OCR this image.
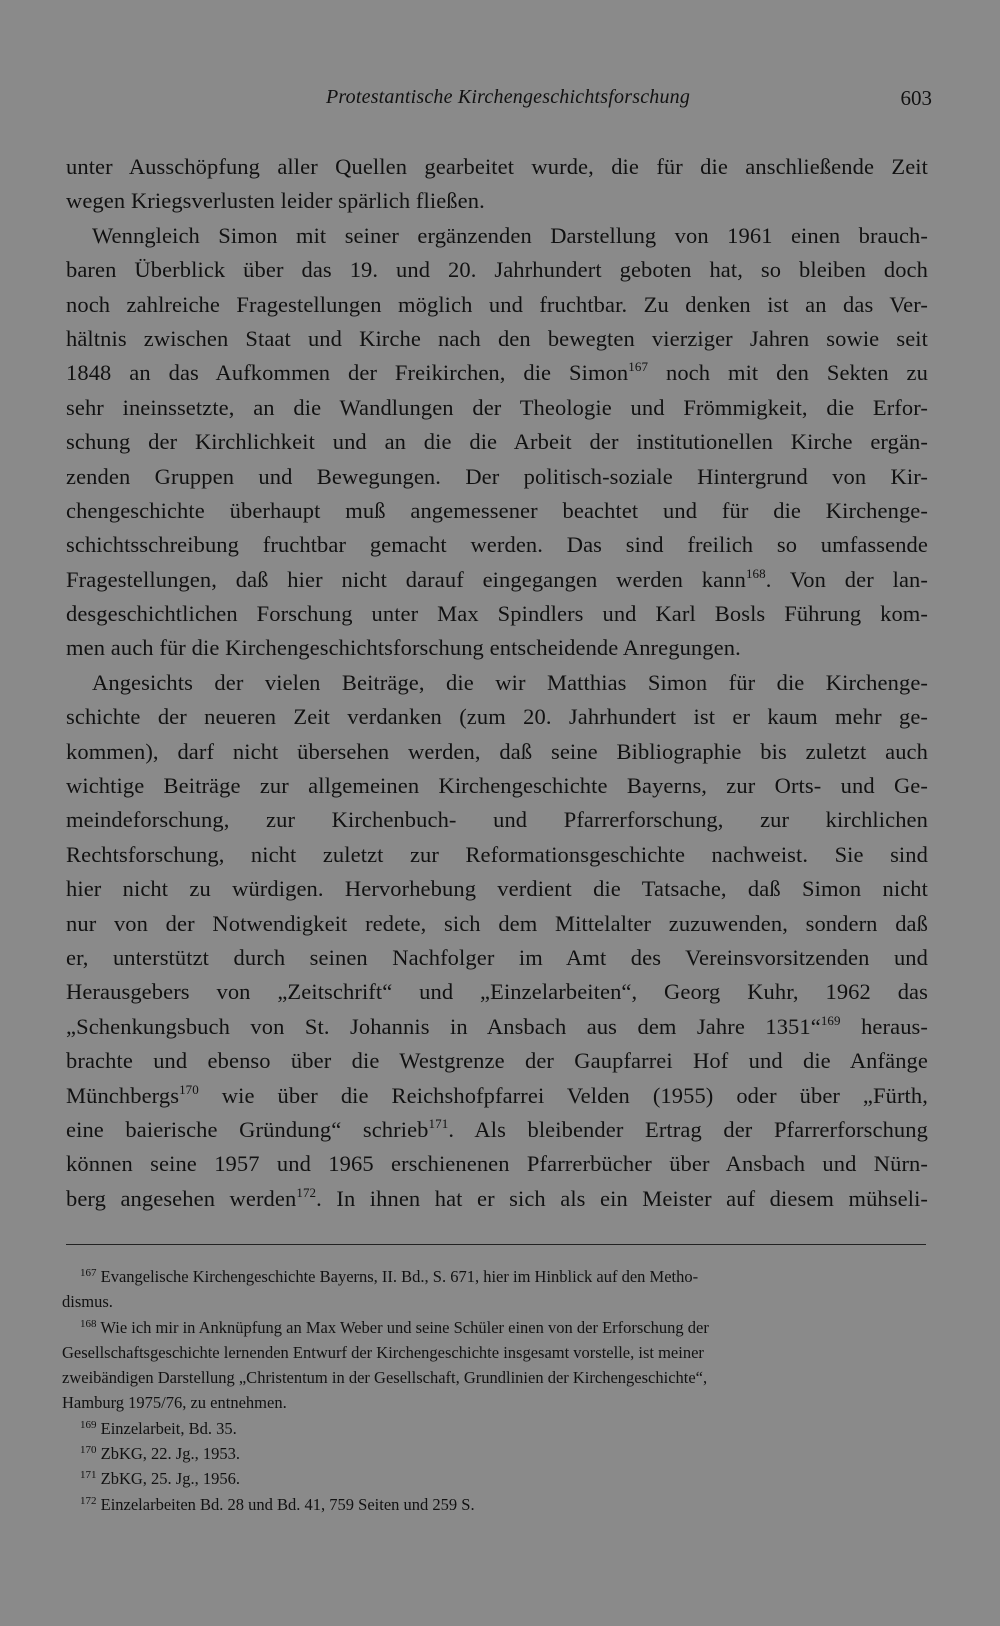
Protestantische Kirchengeschichtsforschung	603
unter Ausschöpfung aller Quellen gearbeitet wurde, die für die anschließende Zeit
wegen Kriegsverlusten leider spärlich fließen.
Wenngleich Simon mit seiner ergänzenden Darstellung von 1961 einen brauch-
baren Überblick über das 19. und 20. Jahrhundert geboten hat, so bleiben doch
noch zahlreiche Fragestellungen möglich und fruchtbar. Zu denken ist an das Ver-
hältnis zwischen Staat und Kirche nach den bewegten vierziger Jahren sowie seit
1848 an das Aufkommen der Freikirchen, die Simon$^{167}$ noch mit den Sekten zu
sehr ineinssetzte, an die Wandlungen der Theologie und Frömmigkeit, die Erfor-
schung der Kirchlichkeit und an die die Arbeit der institutionellen Kirche ergän-
zenden Gruppen und Bewegungen. Der politisch-soziale Hintergrund von Kir-
chengeschichte überhaupt muß angemessener beachtet und für die Kirchenge-
schichtsschreibung fruchtbar gemacht werden. Das sind freilich so umfassende
Fragestellungen, daß hier nicht darauf eingegangen werden kann$^{168}$. Von der lan-
desgeschichtlichen Forschung unter Max Spindlers und Karl Bosls Führung kom-
men auch für die Kirchengeschichtsforschung entscheidende Anregungen.
Angesichts der vielen Beiträge, die wir Matthias Simon für die Kirchenge-
schichte der neueren Zeit verdanken (zum 20. Jahrhundert ist er kaum mehr ge-
kommen), darf nicht übersehen werden, daß seine Bibliographie bis zuletzt auch
wichtige Beiträge zur allgemeinen Kirchengeschichte Bayerns, zur Orts- und Ge-
meindeforschung, zur Kirchenbuch- und Pfarrerforschung, zur kirchlichen
Rechtsforschung, nicht zuletzt zur Reformationsgeschichte nachweist. Sie sind
hier nicht zu würdigen. Hervorhebung verdient die Tatsache, daß Simon nicht
nur von der Notwendigkeit redete, sich dem Mittelalter zuzuwenden, sondern daß
er, unterstützt durch seinen Nachfolger im Amt des Vereinsvorsitzenden und
Herausgebers von „Zeitschrift“ und „Einzelarbeiten“, Georg Kuhr, 1962 das
„Schenkungsbuch von St. Johannis in Ansbach aus dem Jahre 1351“$^{169}$ heraus-
brachte und ebenso über die Westgrenze der Gaupfarrei Hof und die Anfänge
Münchbergs$^{170}$ wie über die Reichshofpfarrei Velden (1955) oder über „Fürth,
eine baierische Gründung“ schrieb$^{171}$. Als bleibender Ertrag der Pfarrerforschung
können seine 1957 und 1965 erschienenen Pfarrerbücher über Ansbach und Nürn-
berg angesehen werden$^{172}$. In ihnen hat er sich als ein Meister auf diesem mühseli-
$^{167}$ Evangelische Kirchengeschichte Bayerns, II. Bd., S. 671, hier im Hinblick auf den Metho-
dismus.
$^{168}$ Wie ich mir in Anknüpfung an Max Weber und seine Schüler einen von der Erforschung der
Gesellschaftsgeschichte lernenden Entwurf der Kirchengeschichte insgesamt vorstelle, ist meiner
zweibändigen Darstellung „Christentum in der Gesellschaft, Grundlinien der Kirchengeschichte“,
Hamburg 1975/76, zu entnehmen.
$^{169}$ Einzelarbeit, Bd. 35.
$^{170}$ ZbKG, 22. Jg., 1953.
$^{171}$ ZbKG, 25. Jg., 1956.
$^{172}$ Einzelarbeiten Bd. 28 und Bd. 41, 759 Seiten und 259 S.
